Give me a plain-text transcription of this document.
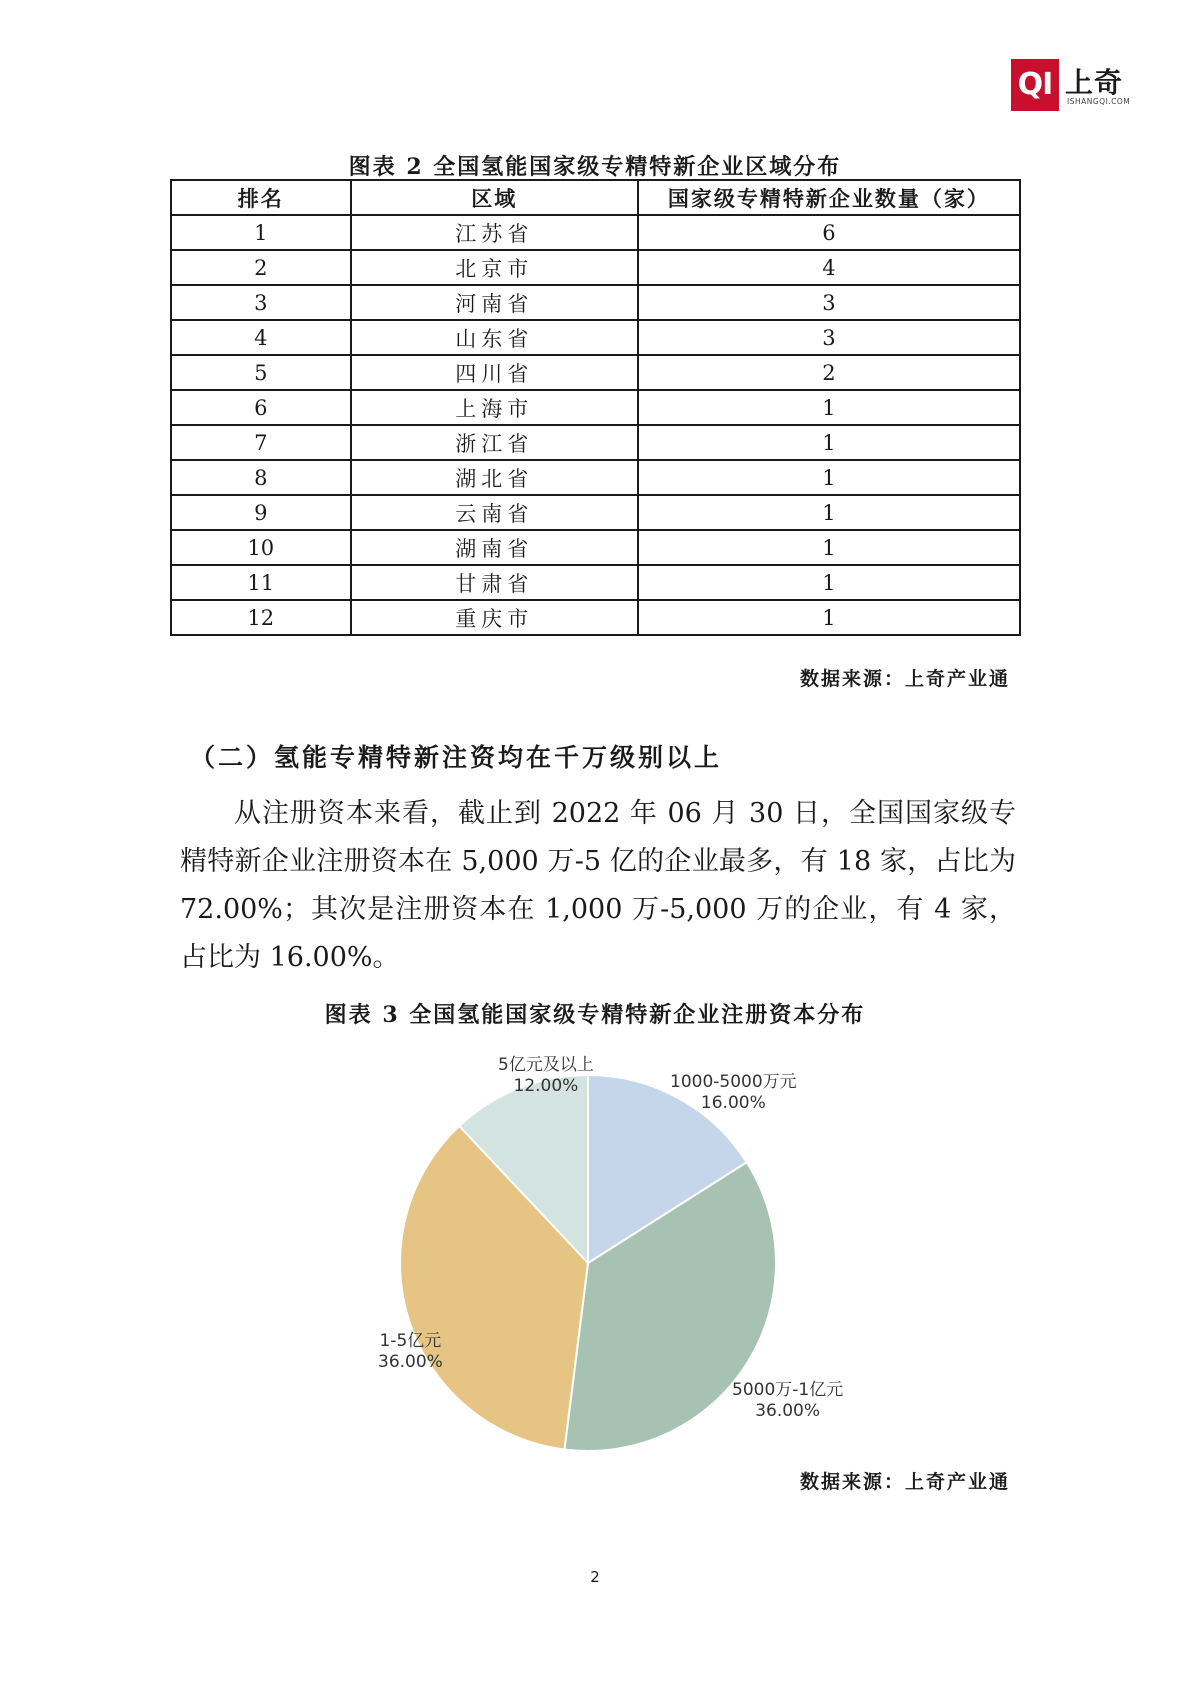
QI 上奇
ISHANGQI.COM
图表 2 全国氢能国家级专精特新企业区域分布
排名	区域	国家级专精特新企业数量（家）
1	江苏省	6
2	北京市	4
3	河南省	3
4	山东省	3
5	四川省	2
6	上海市	1
7	浙江省	1
8	湖北省	1
9	云南省	1
10	湖南省	1
11	甘肃省	1
12	重庆市	1
数据来源：上奇产业通
（二）氢能专精特新注资均在千万级别以上
从注册资本来看，截止到 2022 年 06 月 30 日，全国国家级专精特新企业注册资本在 5,000 万-5 亿的企业最多，有 18 家，占比为 72.00%；其次是注册资本在 1,000 万-5,000 万的企业，有 4 家，占比为 16.00%。
图表 3 全国氢能国家级专精特新企业注册资本分布
1000-5000万元
16.00%
5000万-1亿元
36.00%
1-5亿元
36.00%
5亿元及以上
12.00%
数据来源：上奇产业通
2
